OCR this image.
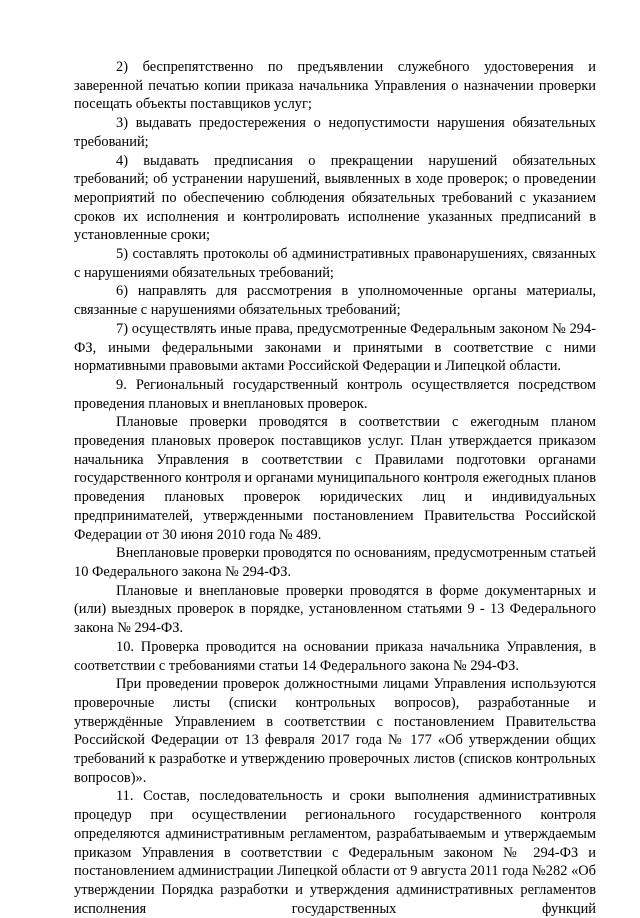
2) беспрепятственно по предъявлении служебного удостоверения и заверенной печатью копии приказа начальника Управления о назначении проверки посещать объекты поставщиков услуг;

3) выдавать предостережения о недопустимости нарушения обязательных требований;

4) выдавать предписания о прекращении нарушений обязательных требований; об устранении нарушений, выявленных в ходе проверок; о проведении мероприятий по обеспечению соблюдения обязательных требований с указанием сроков их исполнения и контролировать исполнение указанных предписаний в установленные сроки;

5) составлять протоколы об административных правонарушениях, связанных с нарушениями обязательных требований;

6) направлять для рассмотрения в уполномоченные органы материалы, связанные с нарушениями обязательных требований;

7) осуществлять иные права, предусмотренные Федеральным законом № 294-ФЗ, иными федеральными законами и принятыми в соответствие с ними нормативными правовыми актами Российской Федерации и Липецкой области.

9. Региональный государственный контроль осуществляется посредством проведения плановых и внеплановых проверок.

Плановые проверки проводятся в соответствии с ежегодным планом проведения плановых проверок поставщиков услуг. План утверждается приказом начальника Управления в соответствии с Правилами подготовки органами государственного контроля и органами муниципального контроля ежегодных планов проведения плановых проверок юридических лиц и индивидуальных предпринимателей, утвержденными постановлением Правительства Российской Федерации от 30 июня 2010 года № 489.

Внеплановые проверки проводятся по основаниям, предусмотренным статьей 10 Федерального закона № 294-ФЗ.

Плановые и внеплановые проверки проводятся в форме документарных и (или) выездных проверок в порядке, установленном статьями 9 - 13 Федерального закона № 294-ФЗ.

10. Проверка проводится на основании приказа начальника Управления, в соответствии с требованиями статьи 14 Федерального закона № 294-ФЗ.

При проведении проверок должностными лицами Управления используются проверочные листы (списки контрольных вопросов), разработанные и утверждённые Управлением в соответствии с постановлением Правительства Российской Федерации от 13 февраля 2017 года № 177 «Об утверждении общих требований к разработке и утверждению проверочных листов (списков контрольных вопросов)».

11. Состав, последовательность и сроки выполнения административных процедур при осуществлении регионального государственного контроля определяются административным регламентом, разрабатываемым и утверждаемым приказом Управления в соответствии с Федеральным законом № 294-ФЗ и постановлением администрации Липецкой области от 9 августа 2011 года №282 «Об утверждении Порядка разработки и утверждения административных регламентов исполнения государственных функций
